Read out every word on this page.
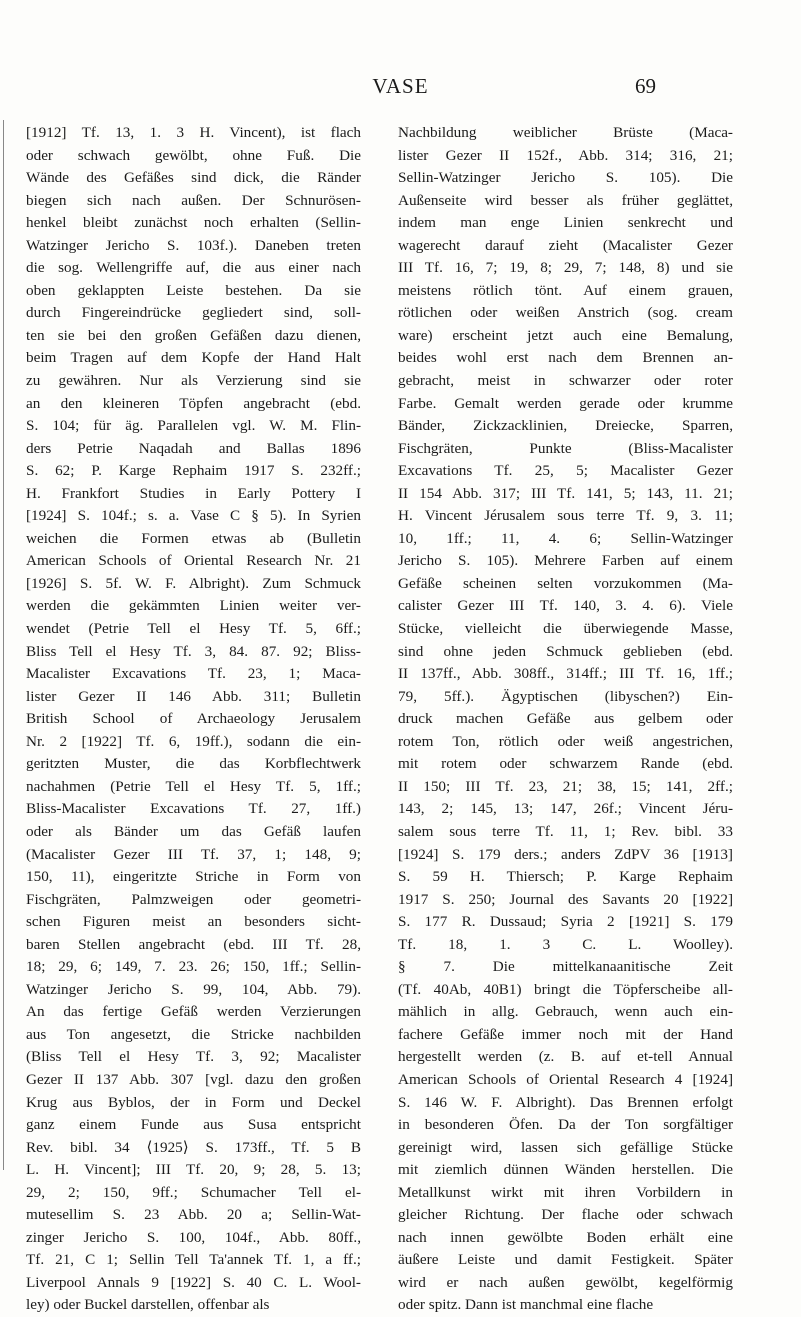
VASE	69
[1912] Tf. 13, 1. 3 H. Vincent), ist flach
oder schwach gewölbt, ohne Fuß. Die
Wände des Gefäßes sind dick, die Ränder
biegen sich nach außen. Der Schnurösen-
henkel bleibt zunächst noch erhalten (Sellin-
Watzinger Jericho S. 103f.). Daneben treten
die sog. Wellengriffe auf, die aus einer nach
oben geklappten Leiste bestehen. Da sie
durch Fingereindrücke gegliedert sind, soll-
ten sie bei den großen Gefäßen dazu dienen,
beim Tragen auf dem Kopfe der Hand Halt
zu gewähren. Nur als Verzierung sind sie
an den kleineren Töpfen angebracht (ebd.
S. 104; für äg. Parallelen vgl. W. M. Flin-
ders Petrie Naqadah and Ballas 1896
S. 62; P. Karge Rephaim 1917 S. 232ff.;
H. Frankfort Studies in Early Pottery I
[1924] S. 104f.; s. a. Vase C § 5). In Syrien
weichen die Formen etwas ab (Bulletin
American Schools of Oriental Research Nr. 21
[1926] S. 5f. W. F. Albright). Zum Schmuck
werden die gekämmten Linien weiter ver-
wendet (Petrie Tell el Hesy Tf. 5, 6ff.;
Bliss Tell el Hesy Tf. 3, 84. 87. 92; Bliss-
Macalister Excavations Tf. 23, 1; Maca-
lister Gezer II 146 Abb. 311; Bulletin
British School of Archaeology Jerusalem
Nr. 2 [1922] Tf. 6, 19ff.), sodann die ein-
geritzten Muster, die das Korbflechtwerk
nachahmen (Petrie Tell el Hesy Tf. 5, 1ff.;
Bliss-Macalister Excavations Tf. 27, 1ff.)
oder als Bänder um das Gefäß laufen
(Macalister Gezer III Tf. 37, 1; 148, 9;
150, 11), eingeritzte Striche in Form von
Fischgräten, Palmzweigen oder geometri-
schen Figuren meist an besonders sicht-
baren Stellen angebracht (ebd. III Tf. 28,
18; 29, 6; 149, 7. 23. 26; 150, 1ff.; Sellin-
Watzinger Jericho S. 99, 104, Abb. 79).
An das fertige Gefäß werden Verzierungen
aus Ton angesetzt, die Stricke nachbilden
(Bliss Tell el Hesy Tf. 3, 92; Macalister
Gezer II 137 Abb. 307 [vgl. dazu den großen
Krug aus Byblos, der in Form und Deckel
ganz einem Funde aus Susa entspricht
Rev. bibl. 34 ⟨1925⟩ S. 173ff., Tf. 5 B
L. H. Vincent]; III Tf. 20, 9; 28, 5. 13;
29, 2; 150, 9ff.; Schumacher Tell el-
mutesellim S. 23 Abb. 20 a; Sellin-Wat-
zinger Jericho S. 100, 104f., Abb. 80ff.,
Tf. 21, C 1; Sellin Tell Ta'annek Tf. 1, a ff.;
Liverpool Annals 9 [1922] S. 40 C. L. Wool-
ley) oder Buckel darstellen, offenbar als
Nachbildung weiblicher Brüste (Maca-
lister Gezer II 152f., Abb. 314; 316, 21;
Sellin-Watzinger Jericho S. 105). Die
Außenseite wird besser als früher geglättet,
indem man enge Linien senkrecht und
wagerecht darauf zieht (Macalister Gezer
III Tf. 16, 7; 19, 8; 29, 7; 148, 8) und sie
meistens rötlich tönt. Auf einem grauen,
rötlichen oder weißen Anstrich (sog. cream
ware) erscheint jetzt auch eine Bemalung,
beides wohl erst nach dem Brennen an-
gebracht, meist in schwarzer oder roter
Farbe. Gemalt werden gerade oder krumme
Bänder, Zickzacklinien, Dreiecke, Sparren,
Fischgräten, Punkte (Bliss-Macalister
Excavations Tf. 25, 5; Macalister Gezer
II 154 Abb. 317; III Tf. 141, 5; 143, 11. 21;
H. Vincent Jérusalem sous terre Tf. 9, 3. 11;
10, 1ff.; 11, 4. 6; Sellin-Watzinger
Jericho S. 105). Mehrere Farben auf einem
Gefäße scheinen selten vorzukommen (Ma-
calister Gezer III Tf. 140, 3. 4. 6). Viele
Stücke, vielleicht die überwiegende Masse,
sind ohne jeden Schmuck geblieben (ebd.
II 137ff., Abb. 308ff., 314ff.; III Tf. 16, 1ff.;
79, 5ff.). Ägyptischen (libyschen?) Ein-
druck machen Gefäße aus gelbem oder
rotem Ton, rötlich oder weiß angestrichen,
mit rotem oder schwarzem Rande (ebd.
II 150; III Tf. 23, 21; 38, 15; 141, 2ff.;
143, 2; 145, 13; 147, 26f.; Vincent Jéru-
salem sous terre Tf. 11, 1; Rev. bibl. 33
[1924] S. 179 ders.; anders ZdPV 36 [1913]
S. 59 H. Thiersch; P. Karge Rephaim
1917 S. 250; Journal des Savants 20 [1922]
S. 177 R. Dussaud; Syria 2 [1921] S. 179
Tf. 18, 1. 3 C. L. Woolley).
§ 7. Die mittelkanaanitische Zeit
(Tf. 40Ab, 40B1) bringt die Töpferscheibe all-
mählich in allg. Gebrauch, wenn auch ein-
fachere Gefäße immer noch mit der Hand
hergestellt werden (z. B. auf et-tell Annual
American Schools of Oriental Research 4 [1924]
S. 146 W. F. Albright). Das Brennen erfolgt
in besonderen Öfen. Da der Ton sorgfältiger
gereinigt wird, lassen sich gefällige Stücke
mit ziemlich dünnen Wänden herstellen. Die
Metallkunst wirkt mit ihren Vorbildern in
gleicher Richtung. Der flache oder schwach
nach innen gewölbte Boden erhält eine
äußere Leiste und damit Festigkeit. Später
wird er nach außen gewölbt, kegelförmig
oder spitz. Dann ist manchmal eine flache
